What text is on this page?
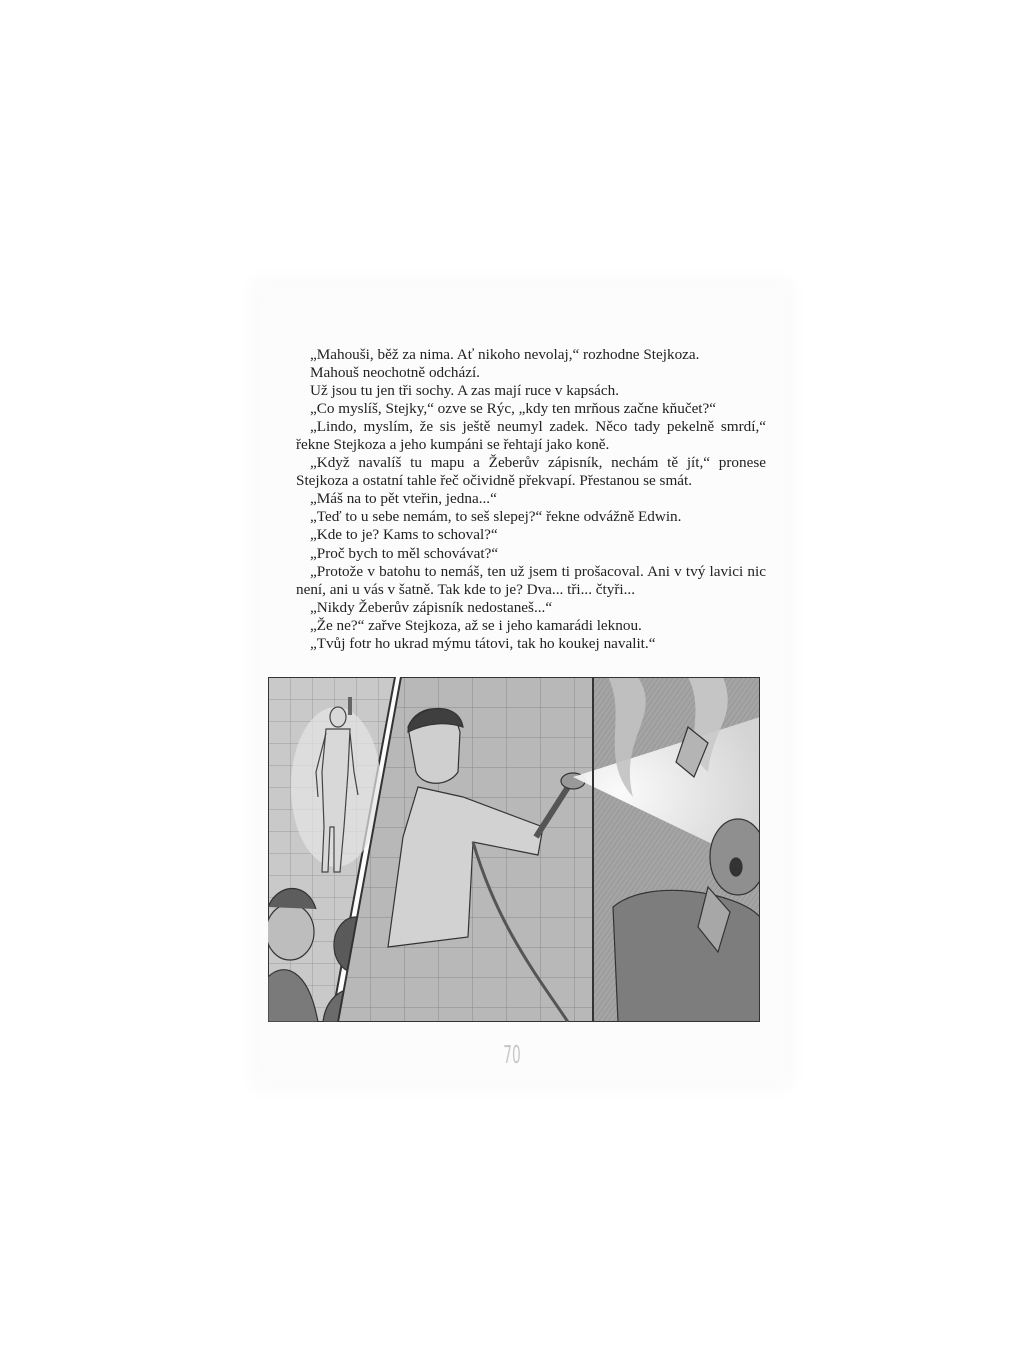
„Mahouši, běž za nima. Ať nikoho nevolaj,“ rozhodne Stejkoza.

Mahouš neochotně odchází.

Už jsou tu jen tři sochy. A zas mají ruce v kapsách.

„Co myslíš, Stejky,“ ozve se Rýc, „kdy ten mrňous začne kňučet?“

„Lindo, myslím, že sis ještě neumyl zadek. Něco tady pekelně smrdí,“ řekne Stejkoza a jeho kumpáni se řehtají jako koně.

„Když navalíš tu mapu a Žeberův zápisník, nechám tě jít,“ pronese Stejkoza a ostatní tahle řeč očividně překvapí. Přestanou se smát.

„Máš na to pět vteřin, jedna...“

„Teď to u sebe nemám, to seš slepej?“ řekne odvážně Edwin.

„Kde to je? Kams to schoval?“

„Proč bych to měl schovávat?“

„Protože v batohu to nemáš, ten už jsem ti prošacoval. Ani v tvý lavici nic není, ani u vás v šatně. Tak kde to je? Dva... tři... čtyři...

„Nikdy Žeberův zápisník nedostaneš...“

„Že ne?“ zařve Stejkoza, až se i jeho kamarádi leknou.

„Tvůj fotr ho ukrad mýmu tátovi, tak ho koukej navalit.“

70
